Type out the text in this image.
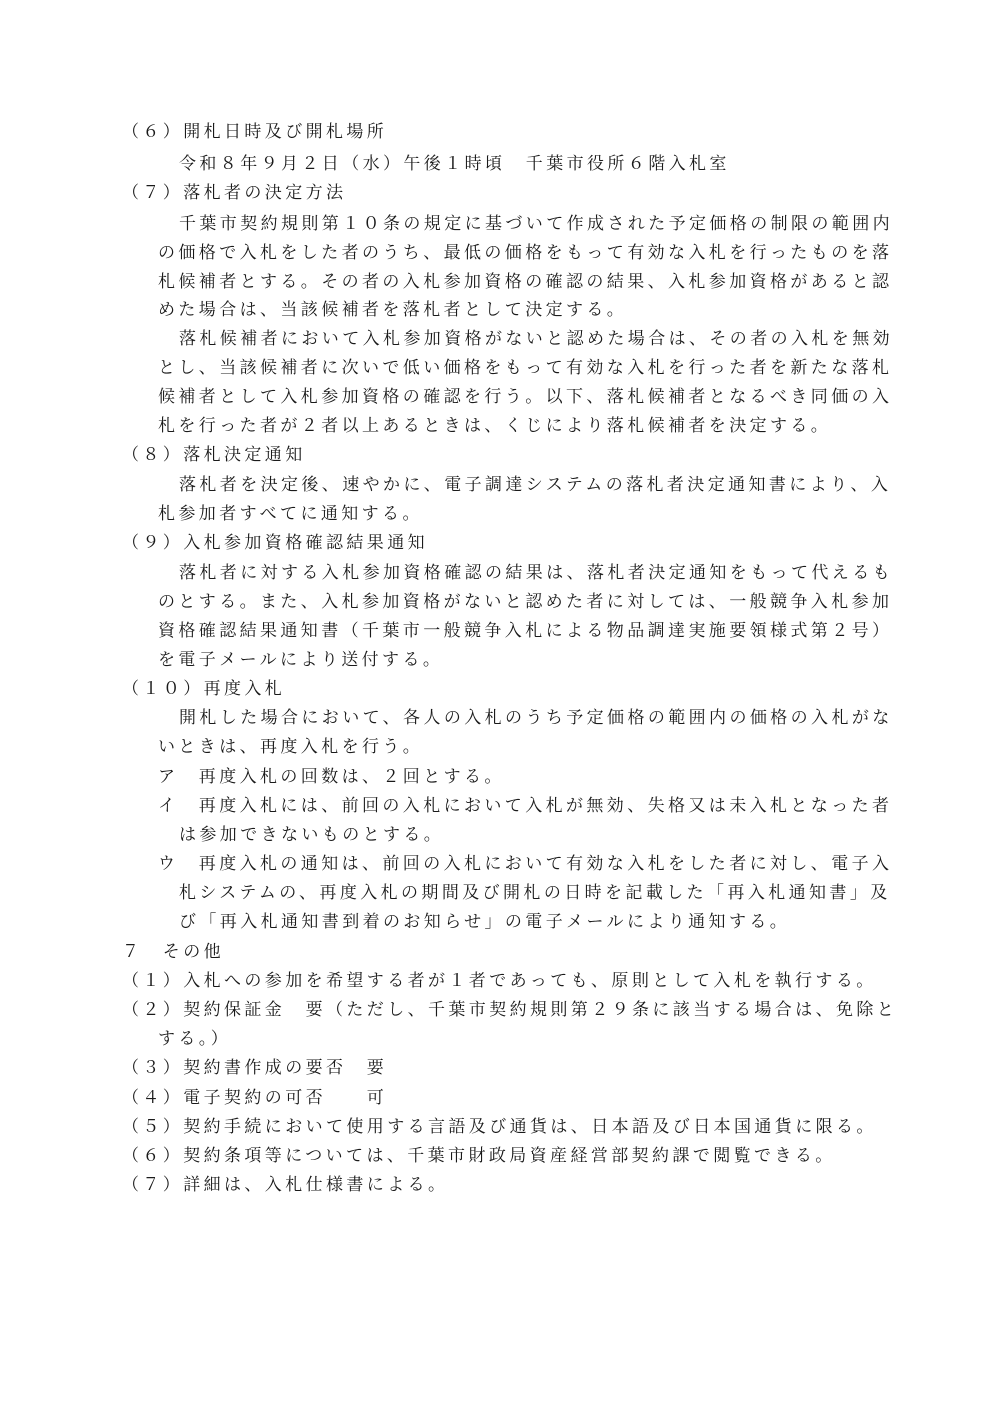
（６）開札日時及び開札場所
令和８年９月２日（水）午後１時頃　千葉市役所６階入札室
（７）落札者の決定方法
千葉市契約規則第１０条の規定に基づいて作成された予定価格の制限の範囲内
の価格で入札をした者のうち、最低の価格をもって有効な入札を行ったものを落
札候補者とする。その者の入札参加資格の確認の結果、入札参加資格があると認
めた場合は、当該候補者を落札者として決定する。
落札候補者において入札参加資格がないと認めた場合は、その者の入札を無効
とし、当該候補者に次いで低い価格をもって有効な入札を行った者を新たな落札
候補者として入札参加資格の確認を行う。以下、落札候補者となるべき同価の入
札を行った者が２者以上あるときは、くじにより落札候補者を決定する。
（８）落札決定通知
落札者を決定後、速やかに、電子調達システムの落札者決定通知書により、入
札参加者すべてに通知する。
（９）入札参加資格確認結果通知
落札者に対する入札参加資格確認の結果は、落札者決定通知をもって代えるも
のとする。また、入札参加資格がないと認めた者に対しては、一般競争入札参加
資格確認結果通知書（千葉市一般競争入札による物品調達実施要領様式第２号）
を電子メールにより送付する。
（１０）再度入札
開札した場合において、各人の入札のうち予定価格の範囲内の価格の入札がな
いときは、再度入札を行う。
ア　再度入札の回数は、２回とする。
イ　再度入札には、前回の入札において入札が無効、失格又は未入札となった者
は参加できないものとする。
ウ　再度入札の通知は、前回の入札において有効な入札をした者に対し、電子入
札システムの、再度入札の期間及び開札の日時を記載した「再入札通知書」及
び「再入札通知書到着のお知らせ」の電子メールにより通知する。
７　その他
（１）入札への参加を希望する者が１者であっても、原則として入札を執行する。
（２）契約保証金　要（ただし、千葉市契約規則第２９条に該当する場合は、免除と
する。）
（３）契約書作成の要否　要
（４）電子契約の可否　　可
（５）契約手続において使用する言語及び通貨は、日本語及び日本国通貨に限る。
（６）契約条項等については、千葉市財政局資産経営部契約課で閲覧できる。
（７）詳細は、入札仕様書による。
